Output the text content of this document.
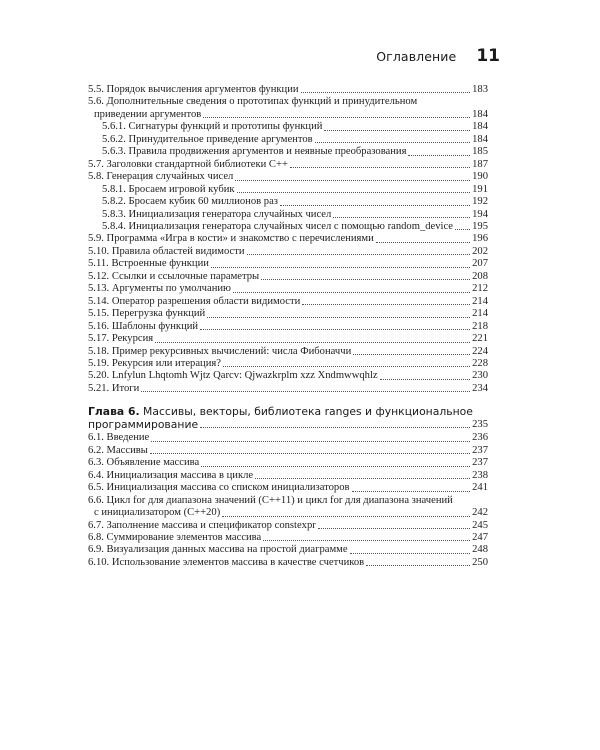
Оглавление 11
5.5. Порядок вычисления аргументов функции	183
5.6. Дополнительные сведения о прототипах функций и принудительном
приведении аргументов	184
5.6.1. Сигнатуры функций и прототипы функций	184
5.6.2. Принудительное приведение аргументов	184
5.6.3. Правила продвижения аргументов и неявные преобразования	185
5.7. Заголовки стандартной библиотеки C++	187
5.8. Генерация случайных чисел	190
5.8.1. Бросаем игровой кубик	191
5.8.2. Бросаем кубик 60 миллионов раз	192
5.8.3. Инициализация генератора случайных чисел	194
5.8.4. Инициализация генератора случайных чисел с помощью random_device 195
5.9. Программа «Игра в кости» и знакомство с перечислениями	196
5.10. Правила областей видимости	202
5.11. Встроенные функции	207
5.12. Ссылки и ссылочные параметры	208
5.13. Аргументы по умолчанию	212
5.14. Оператор разрешения области видимости	214
5.15. Перегрузка функций	214
5.16. Шаблоны функций	218
5.17. Рекурсия	221
5.18. Пример рекурсивных вычислений: числа Фибоначчи	224
5.19. Рекурсия или итерация?	228
5.20. Lnfylun Lhqtomh Wjtz Qarcv: Qjwazkrplm xzz Xndmwwqhlz	230
5.21. Итоги	234
Глава 6. Массивы, векторы, библиотека ranges и функциональное
программирование	235
6.1. Введение	236
6.2. Массивы	237
6.3. Объявление массива	237
6.4. Инициализация массива в цикле	238
6.5. Инициализация массива со списком инициализаторов	241
6.6. Цикл for для диапазона значений (C++11) и цикл for для диапазона значений
с инициализатором (C++20)	242
6.7. Заполнение массива и спецификатор constexpr	245
6.8. Суммирование элементов массива	247
6.9. Визуализация данных массива на простой диаграмме	248
6.10. Использование элементов массива в качестве счетчиков	250
